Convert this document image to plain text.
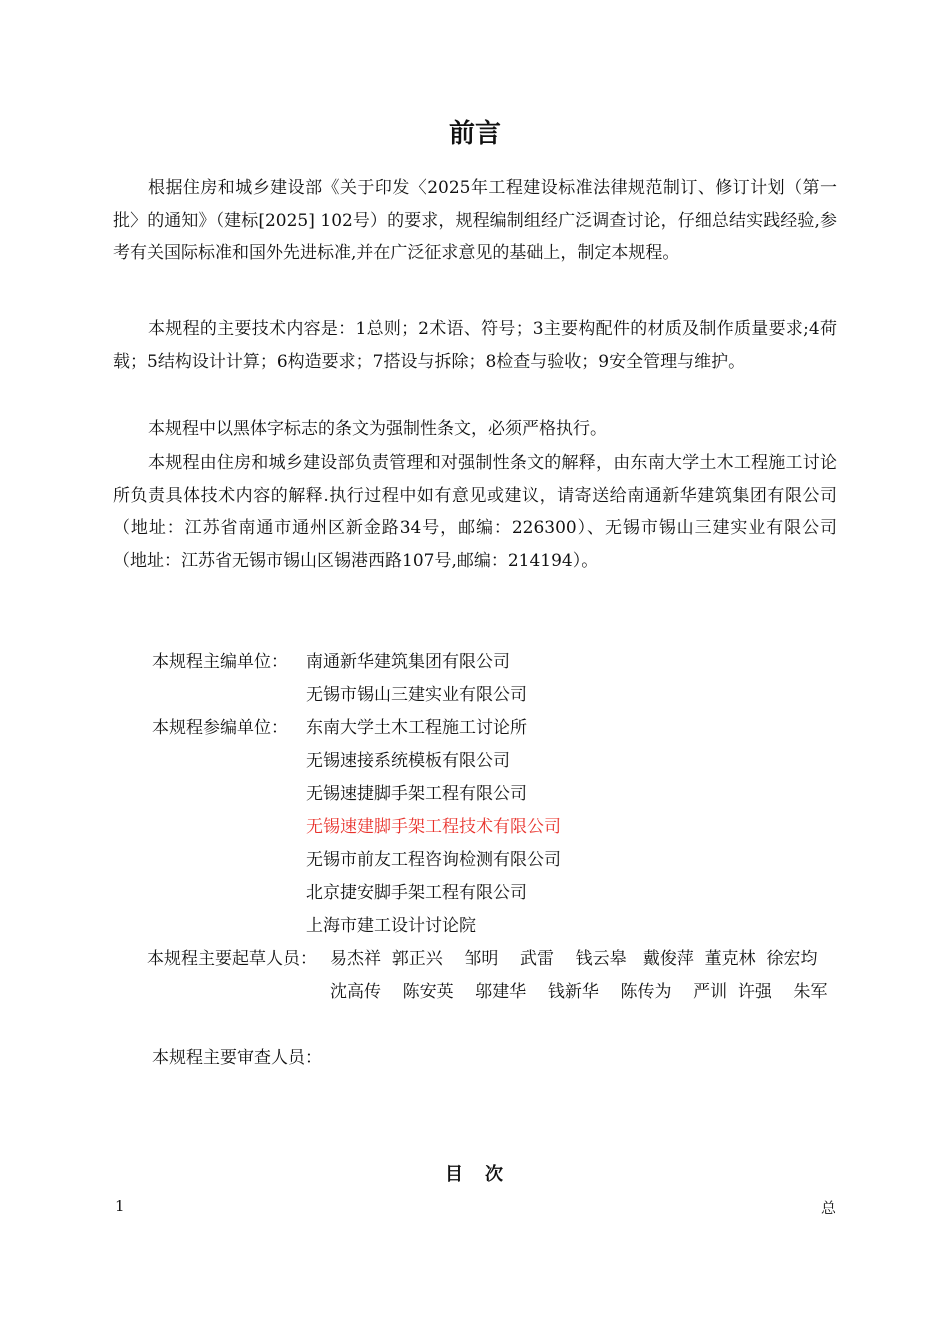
前言

根据住房和城乡建设部《关于印发〈2025年工程建设标准法律规范制订、修订计划（第一批〉的通知》（建标[2025] 102号）的要求，规程编制组经广泛调查讨论，仔细总结实践经验,参考有关国际标准和国外先进标准,并在广泛征求意见的基础上，制定本规程。

本规程的主要技术内容是：1总则；2术语、符号；3主要构配件的材质及制作质量要求;4荷载；5结构设计计算；6构造要求；7搭设与拆除；8检查与验收；9安全管理与维护。

本规程中以黑体字标志的条文为强制性条文，必须严格执行。

本规程由住房和城乡建设部负责管理和对强制性条文的解释，由东南大学土木工程施工讨论所负责具体技术内容的解释.执行过程中如有意见或建议，请寄送给南通新华建筑集团有限公司（地址：江苏省南通市通州区新金路34号，邮编：226300）、无锡市锡山三建实业有限公司（地址：江苏省无锡市锡山区锡港西路107号,邮编：214194）。

本规程主编单位： 南通新华建筑集团有限公司
无锡市锡山三建实业有限公司
本规程参编单位： 东南大学土木工程施工讨论所
无锡速接系统模板有限公司
无锡速捷脚手架工程有限公司
无锡速建脚手架工程技术有限公司
无锡市前友工程咨询检测有限公司
北京捷安脚手架工程有限公司
上海市建工设计讨论院
本规程主要起草人员： 易杰祥  郭正兴    邹明    武雷    钱云皋   戴俊萍  董克林  徐宏均    沈高传    陈安英    邬建华    钱新华    陈传为    严训  许强    朱军
本规程主要审查人员：
目　次
1	总
